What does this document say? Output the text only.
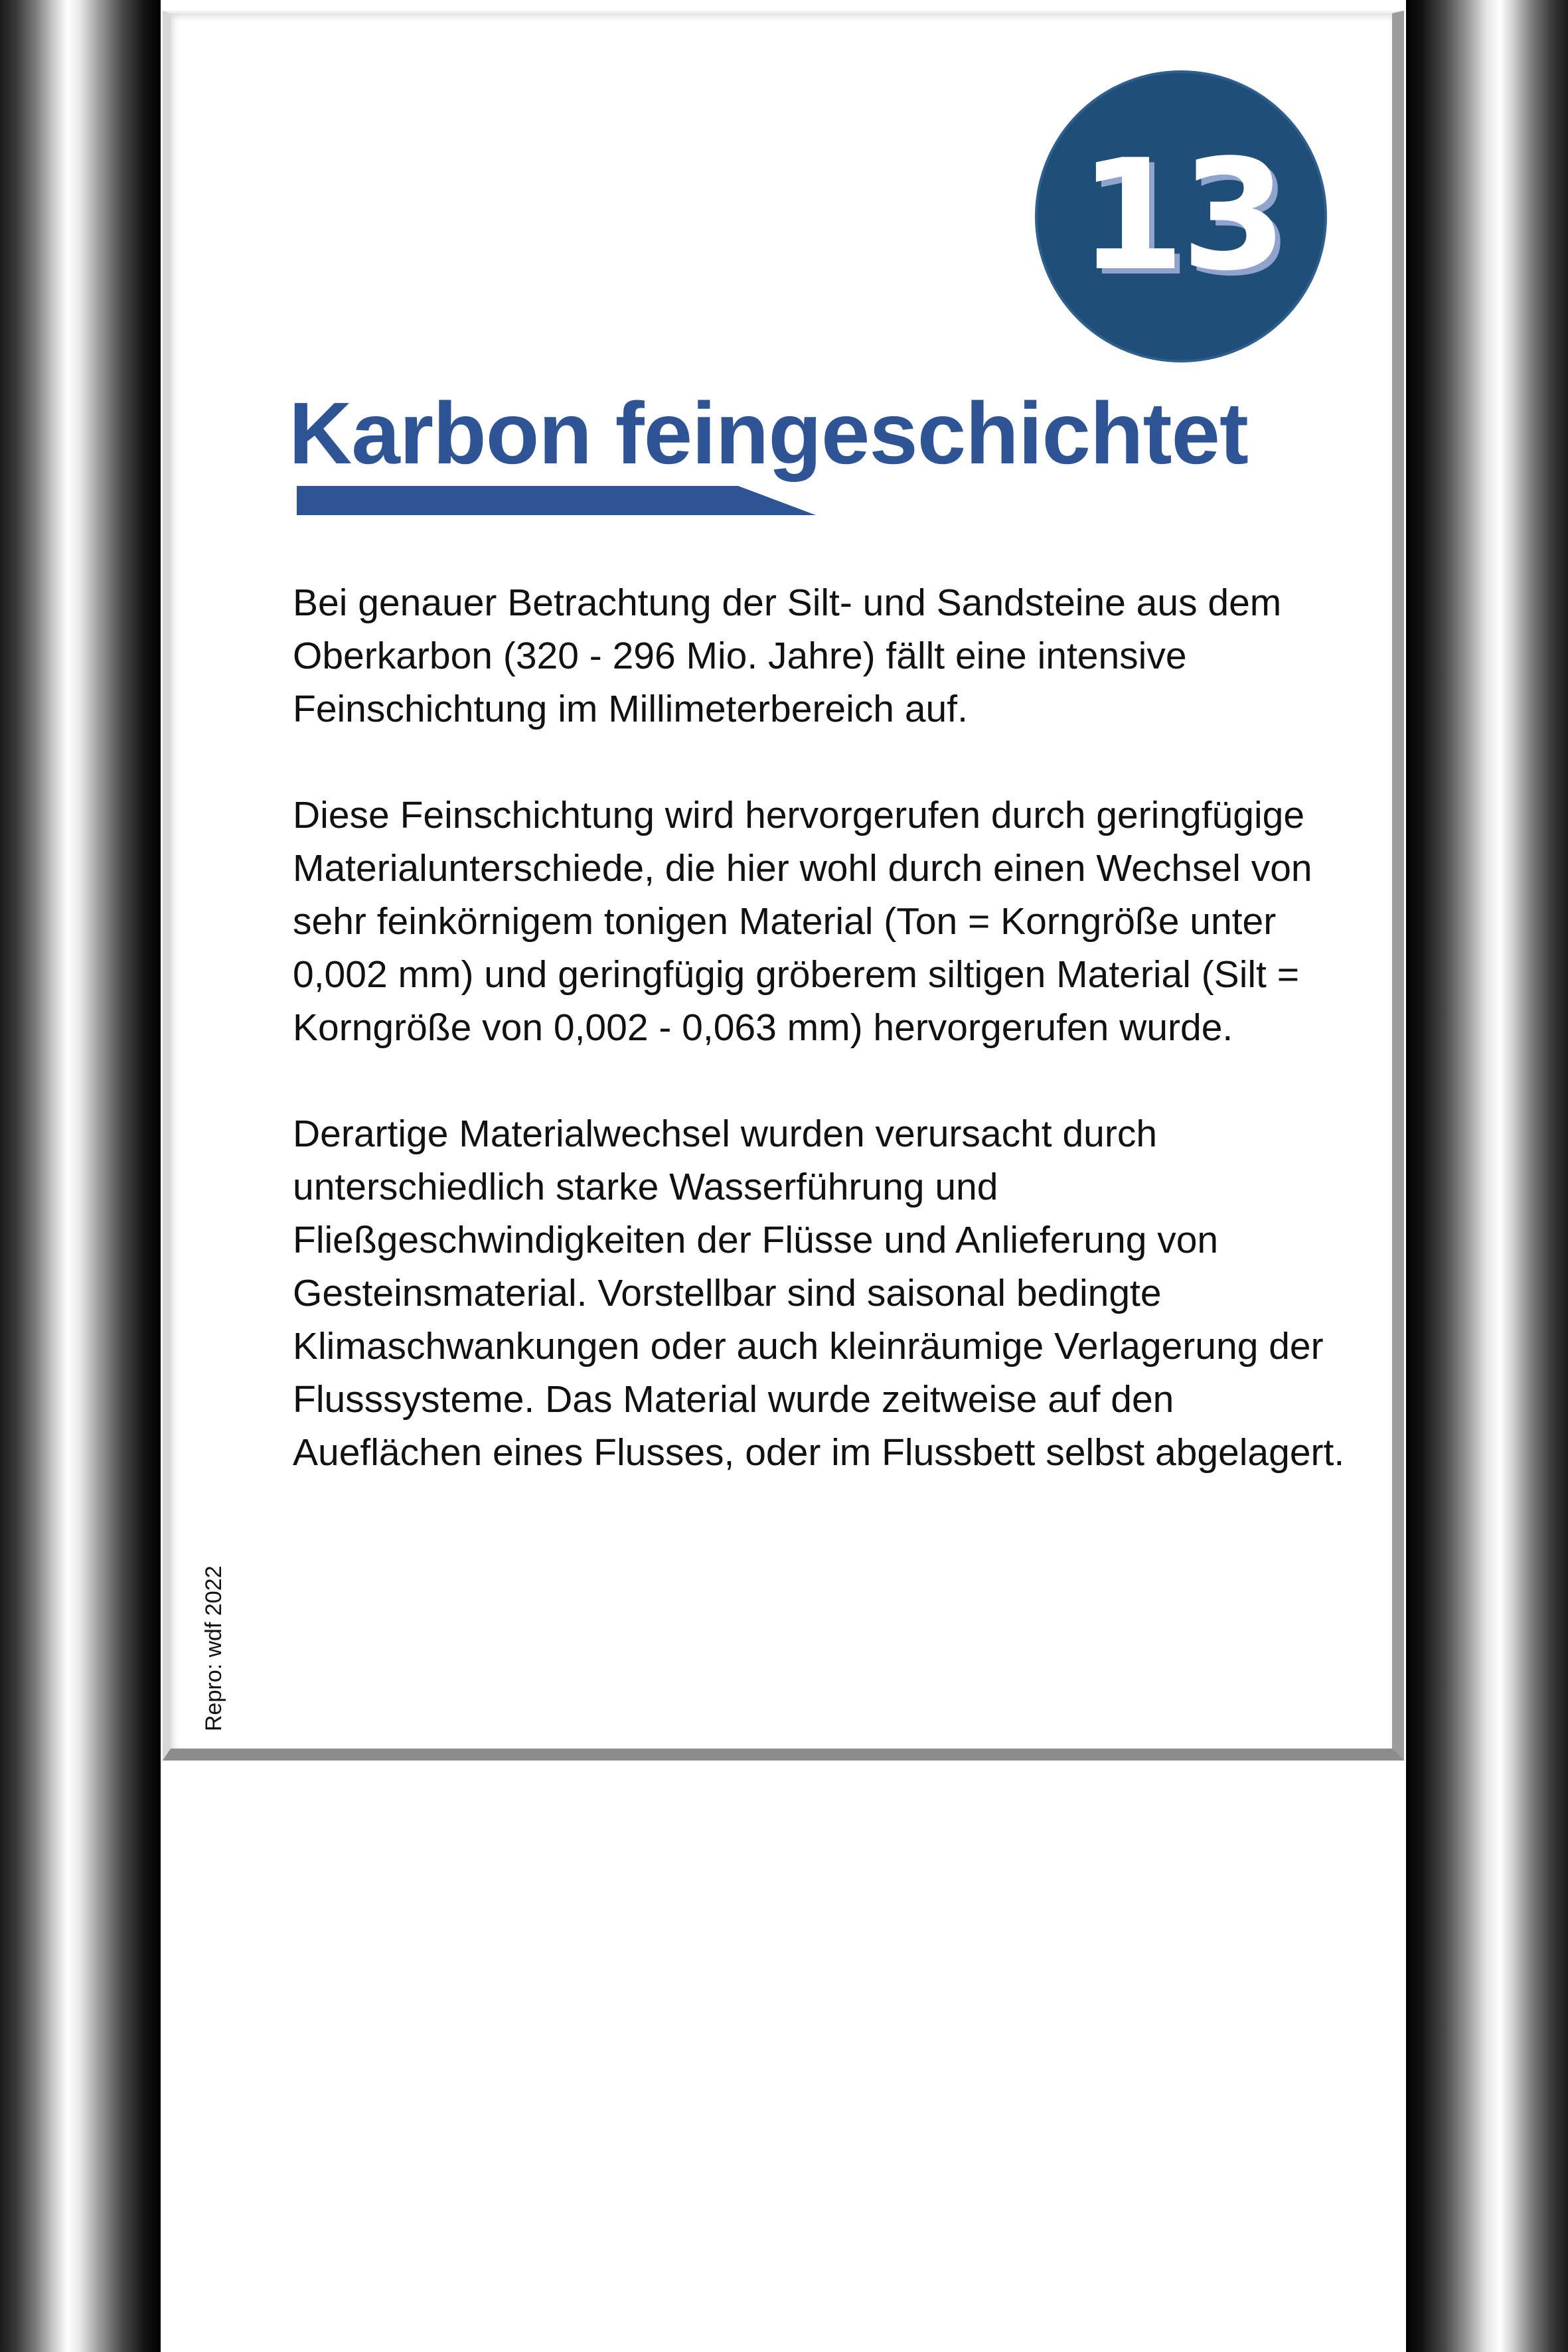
13
Karbon feingeschichtet

Bei genauer Betrachtung der Silt- und Sandsteine aus dem Oberkarbon (320 - 296 Mio. Jahre) fällt eine intensive Feinschichtung im Millimeterbereich auf.

Diese Feinschichtung wird hervorgerufen durch geringfügige Materialunterschiede, die hier wohl durch einen Wechsel von sehr feinkörnigem tonigen Material (Ton = Korngröße unter 0,002 mm) und geringfügig gröberem siltigen Material (Silt = Korngröße von 0,002 - 0,063 mm) hervorgerufen wurde.

Derartige Materialwechsel wurden verursacht durch unterschiedlich starke Wasserführung und Fließgeschwindigkeiten der Flüsse und Anlieferung von Gesteinsmaterial. Vorstellbar sind saisonal bedingte Klimaschwankungen oder auch kleinräumige Verlagerung der Flusssysteme. Das Material wurde zeitweise auf den Aueflächen eines Flusses, oder im Flussbett selbst abgelagert.

Repro: wdf 2022
